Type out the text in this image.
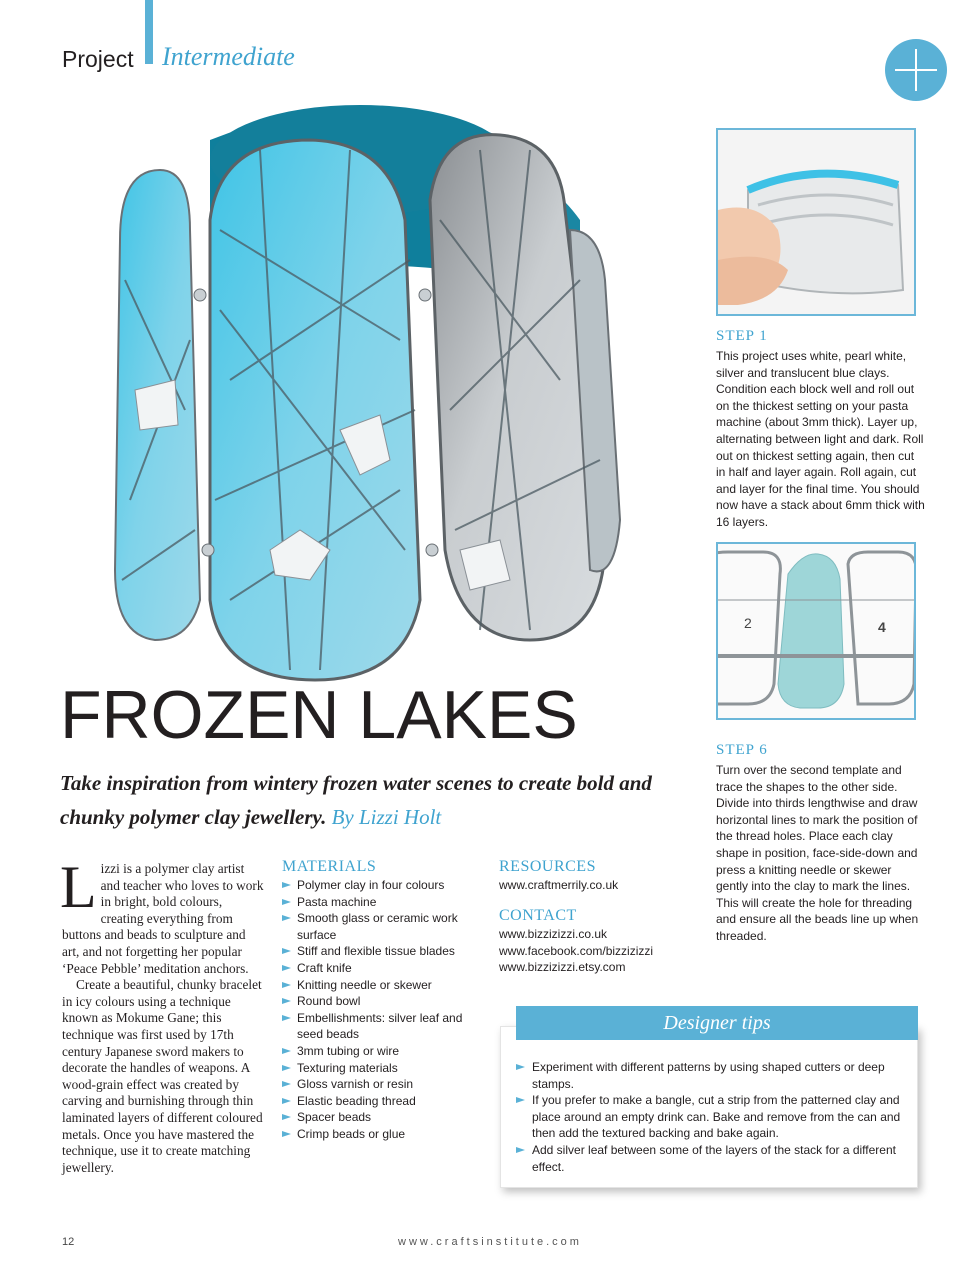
Project Intermediate
STEP 1
This project uses white, pearl white, silver and translucent blue clays. Condition each block well and roll out on the thickest setting on your pasta machine (about 3mm thick). Layer up, alternating between light and dark. Roll out on thickest setting again, then cut in half and layer again. Roll again, cut and layer for the final time. You should now have a stack about 6mm thick with 16 layers.
2	4
STEP 6
Turn over the second template and trace the shapes to the other side. Divide into thirds lengthwise and draw horizontal lines to mark the position of the thread holes. Place each clay shape in position, face-side-down and press a knitting needle or skewer gently into the clay to mark the lines. This will create the hole for threading and ensure all the beads line up when threaded.
FROZEN LAKES
Take inspiration from wintery frozen water scenes to create bold and chunky polymer clay jewellery. By Lizzi Holt
L izzi is a polymer clay artist and teacher who loves to work in bright, bold colours, creating everything from buttons and beads to sculpture and art, and not forgetting her popular ‘Peace Pebble’ meditation anchors.

Create a beautiful, chunky bracelet in icy colours using a technique known as Mokume Gane; this technique was first used by 17th century Japanese sword makers to decorate the handles of weapons. A wood-grain effect was created by carving and burnishing through thin laminated layers of different coloured metals. Once you have mastered the technique, use it to create matching jewellery.

MATERIALS
Polymer clay in four colours
Pasta machine
Smooth glass or ceramic work surface
Stiff and flexible tissue blades
Craft knife
Knitting needle or skewer
Round bowl
Embellishments: silver leaf and seed beads
3mm tubing or wire
Texturing materials
Gloss varnish or resin
Elastic beading thread
Spacer beads
Crimp beads or glue
RESOURCES
www.craftmerrily.co.uk
CONTACT
www.bizzizizzi.co.uk
www.facebook.com/bizzizizzi
www.bizzizizzi.etsy.com
Designer tips
Experiment with different patterns by using shaped cutters or deep stamps.
If you prefer to make a bangle, cut a strip from the patterned clay and place around an empty drink can. Bake and remove from the can and then add the textured backing and bake again.
Add silver leaf between some of the layers of the stack for a different effect.
12	www.craftsinstitute.com
